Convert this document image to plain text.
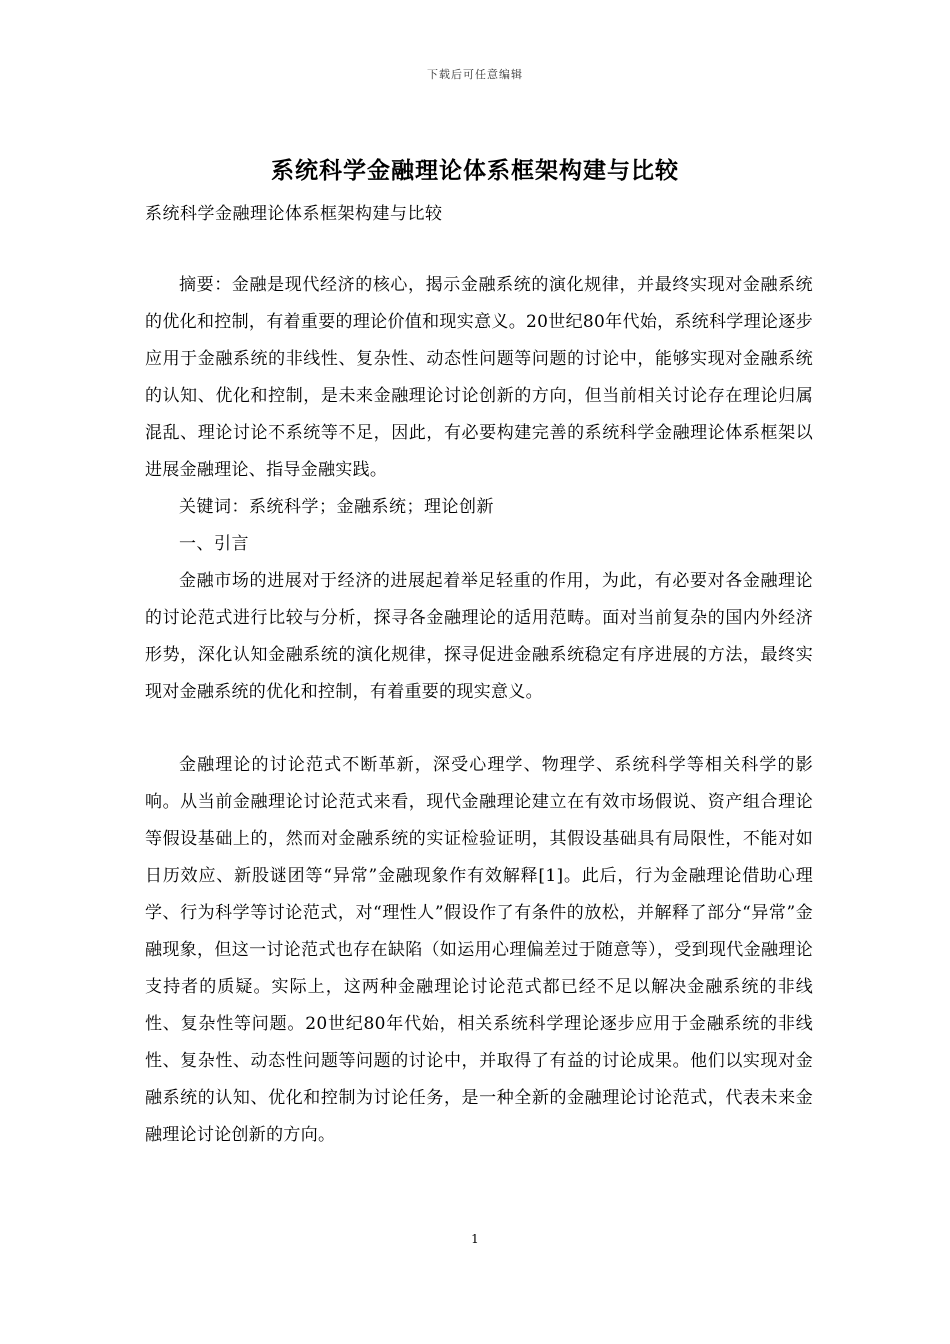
下载后可任意编辑
系统科学金融理论体系框架构建与比较

系统科学金融理论体系框架构建与比较

摘要：金融是现代经济的核心，揭示金融系统的演化规律，并最终实现对金融系统的优化和控制，有着重要的理论价值和现实意义。20世纪80年代始，系统科学理论逐步应用于金融系统的非线性、复杂性、动态性问题等问题的讨论中，能够实现对金融系统的认知、优化和控制，是未来金融理论讨论创新的方向，但当前相关讨论存在理论归属混乱、理论讨论不系统等不足，因此，有必要构建完善的系统科学金融理论体系框架以进展金融理论、指导金融实践。

关键词：系统科学；金融系统；理论创新

一、引言

金融市场的进展对于经济的进展起着举足轻重的作用，为此，有必要对各金融理论的讨论范式进行比较与分析，探寻各金融理论的适用范畴。面对当前复杂的国内外经济形势，深化认知金融系统的演化规律，探寻促进金融系统稳定有序进展的方法，最终实现对金融系统的优化和控制，有着重要的现实意义。

金融理论的讨论范式不断革新，深受心理学、物理学、系统科学等相关科学的影响。从当前金融理论讨论范式来看，现代金融理论建立在有效市场假说、资产组合理论等假设基础上的，然而对金融系统的实证检验证明，其假设基础具有局限性，不能对如日历效应、新股谜团等“异常”金融现象作有效解释[1]。此后，行为金融理论借助心理学、行为科学等讨论范式，对“理性人”假设作了有条件的放松，并解释了部分“异常”金融现象，但这一讨论范式也存在缺陷（如运用心理偏差过于随意等），受到现代金融理论支持者的质疑。实际上，这两种金融理论讨论范式都已经不足以解决金融系统的非线性、复杂性等问题。20世纪80年代始，相关系统科学理论逐步应用于金融系统的非线性、复杂性、动态性问题等问题的讨论中，并取得了有益的讨论成果。他们以实现对金融系统的认知、优化和控制为讨论任务，是一种全新的金融理论讨论范式，代表未来金融理论讨论创新的方向。

1
